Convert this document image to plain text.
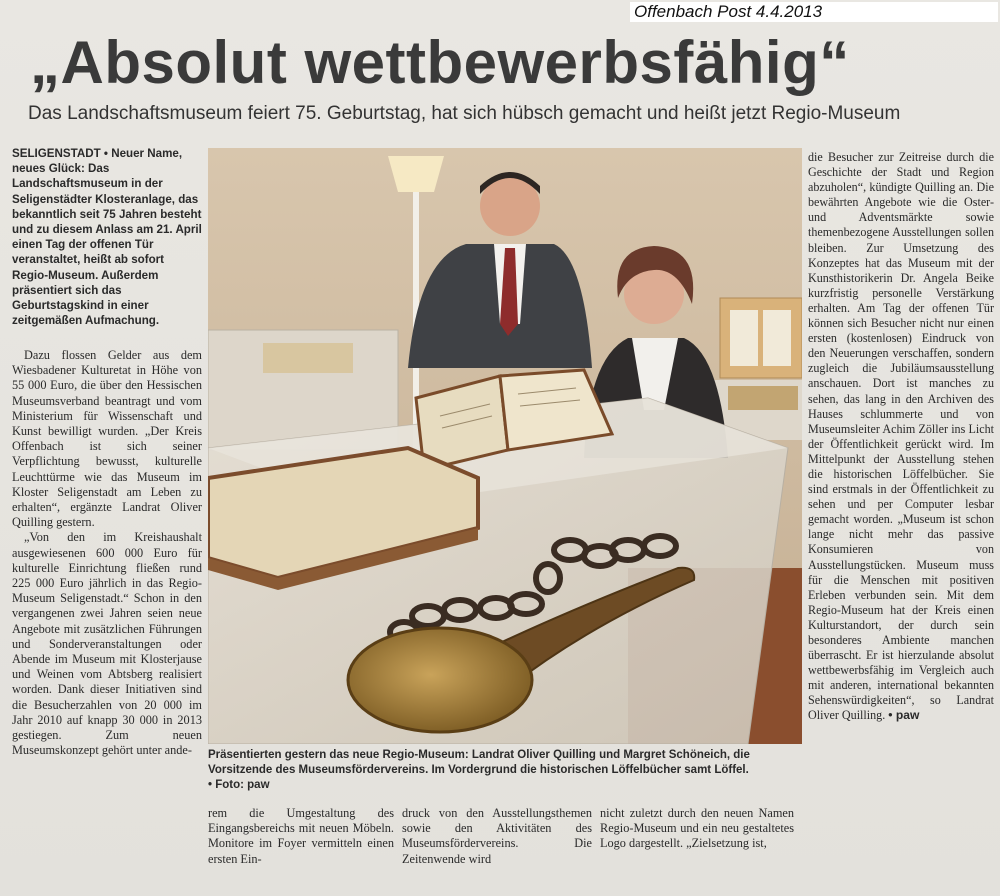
Offenbach Post 4.4.2013
„Absolut wettbewerbsfähig“
Das Landschaftsmuseum feiert 75. Geburtstag, hat sich hübsch gemacht und heißt jetzt Regio-Museum
SELIGENSTADT • Neuer Name, neues Glück: Das Landschaftsmuseum in der Seligenstädter Klosteranlage, das bekanntlich seit 75 Jahren besteht und zu diesem Anlass am 21. April einen Tag der offenen Tür veranstaltet, heißt ab sofort Regio-Museum. Außerdem präsentiert sich das Geburtstagskind in einer zeitgemäßen Aufmachung.

Dazu flossen Gelder aus dem Wiesbadener Kulturetat in Höhe von 55 000 Euro, die über den Hessischen Museumsverband beantragt und vom Ministerium für Wissenschaft und Kunst bewilligt wurden. „Der Kreis Offenbach ist sich seiner Verpflichtung bewusst, kulturelle Leuchttürme wie das Museum im Kloster Seligenstadt am Leben zu erhalten“, ergänzte Landrat Oliver Quilling gestern.

„Von den im Kreishaushalt ausgewiesenen 600 000 Euro für kulturelle Einrichtung fließen rund 225 000 Euro jährlich in das Regio-Museum Seligenstadt.“ Schon in den vergangenen zwei Jahren seien neue Angebote mit zusätzlichen Führungen und Sonderveranstaltungen oder Abende im Museum mit Klosterjause und Weinen vom Abtsberg realisiert worden. Dank dieser Initiativen sind die Besucherzahlen von 20 000 im Jahr 2010 auf knapp 30 000 in 2013 gestiegen. Zum neuen Museumskonzept gehört unter ande-	Präsentierten gestern das neue Regio-Museum: Landrat Oliver Quilling und Margret Schöneich, die Vorsitzende des Museumsfördervereins. Im Vordergrund die historischen Löffelbücher samt Löffel.
• Foto: paw

rem die Umgestaltung des Eingangsbereichs mit neuen Möbeln. Monitore im Foyer vermitteln einen ersten Ein-

druck von den Ausstellungsthemen sowie den Aktivitäten des Museumsfördervereins. Die Zeitenwende wird

nicht zuletzt durch den neuen Namen Regio-Museum und ein neu gestaltetes Logo dargestellt. „Zielsetzung ist,

die Besucher zur Zeitreise durch die Geschichte der Stadt und Region abzuholen“, kündigte Quilling an. Die bewährten Angebote wie die Oster- und Adventsmärkte sowie themenbezogene Ausstellungen sollen bleiben. Zur Umsetzung des Konzeptes hat das Museum mit der Kunsthistorikerin Dr. Angela Beike kurzfristig personelle Verstärkung erhalten. Am Tag der offenen Tür können sich Besucher nicht nur einen ersten (kostenlosen) Eindruck von den Neuerungen verschaffen, sondern zugleich die Jubiläumsausstellung anschauen. Dort ist manches zu sehen, das lang in den Archiven des Hauses schlummerte und von Museumsleiter Achim Zöller ins Licht der Öffentlichkeit gerückt wird. Im Mittelpunkt der Ausstellung stehen die historischen Löffelbücher. Sie sind erstmals in der Öffentlichkeit zu sehen und per Computer lesbar gemacht worden. „Museum ist schon lange nicht mehr das passive Konsumieren von Ausstellungstücken. Museum muss für die Menschen mit positiven Erleben verbunden sein. Mit dem Regio-Museum hat der Kreis einen Kulturstandort, der durch sein besonderes Ambiente manchen überrascht. Er ist hierzulande absolut wettbewerbsfähig im Vergleich auch mit anderen, international bekannten Sehenswürdigkeiten“, so Landrat Oliver Quilling. • paw
